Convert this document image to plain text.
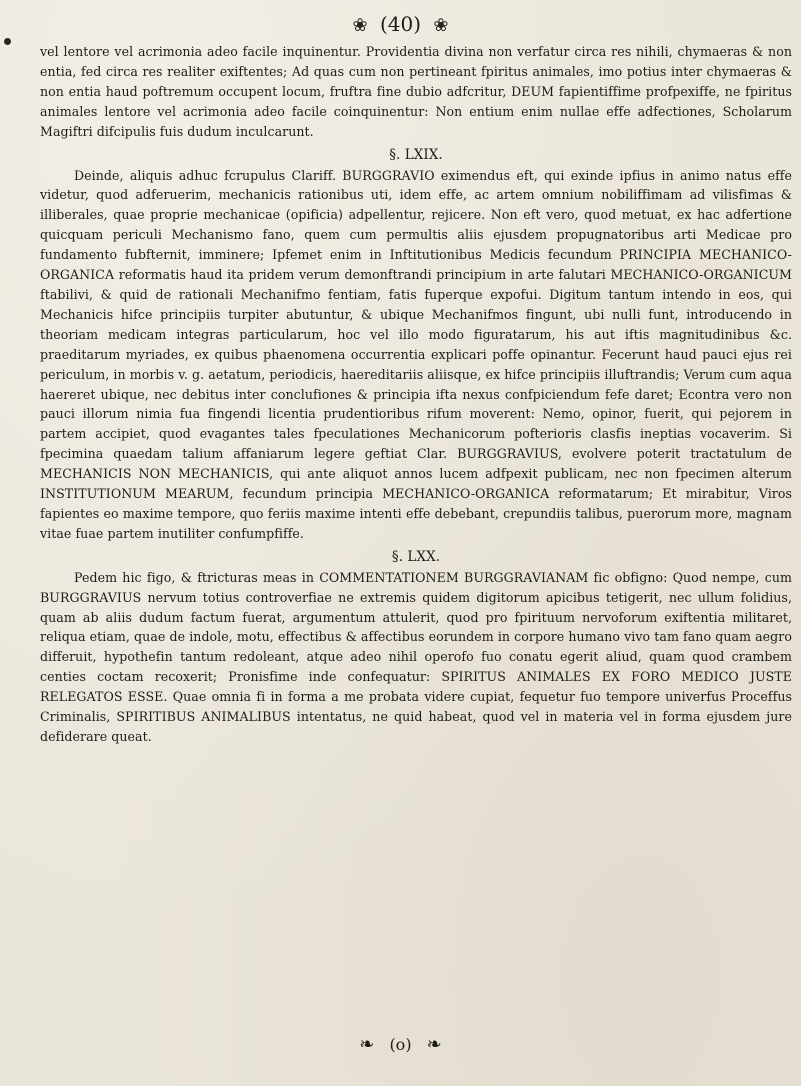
❀ (40) ❀

vel lentore vel acrimonia adeo facile inquinentur. Providentia divina non verfatur circa res nihili, chymaeras & non entia, fed circa res realiter exiftentes; Ad quas cum non pertineant fpiritus animales, imo potius inter chymaeras & non entia haud poftremum occupent locum, fruftra fine dubio adfcritur, DEUM fapientiffime profpexiffe, ne fpiritus animales lentore vel acrimonia adeo facile coinquinentur: Non entium enim nullae effe adfectiones, Scholarum Magiftri difcipulis fuis dudum inculcarunt.

§. LXIX.

Deinde, aliquis adhuc fcrupulus Clariff. BURGGRAVIO eximendus eft, qui exinde ipfius in animo natus effe videtur, quod adferuerim, mechanicis rationibus uti, idem effe, ac artem omnium nobiliffimam ad vilisfimas & illiberales, quae proprie mechanicae (opificia) adpellentur, rejicere. Non eft vero, quod metuat, ex hac adfertione quicquam periculi Mechanismo fano, quem cum permultis aliis ejusdem propugnatoribus arti Medicae pro fundamento fubfternit, imminere; Ipfemet enim in Inftitutionibus Medicis fecundum PRINCIPIA MECHANICO-ORGANICA reformatis haud ita pridem verum demonftrandi principium in arte falutari MECHANICO-ORGANICUM ftabilivi, & quid de rationali Mechanifmo fentiam, fatis fuperque expofui. Digitum tantum intendo in eos, qui Mechanicis hifce principiis turpiter abutuntur, & ubique Mechanifmos fingunt, ubi nulli funt, introducendo in theoriam medicam integras particularum, hoc vel illo modo figuratarum, his aut iftis magnitudinibus &c. praeditarum myriades, ex quibus phaenomena occurrentia explicari poffe opinantur. Fecerunt haud pauci ejus rei periculum, in morbis v. g. aetatum, periodicis, haereditariis aliisque, ex hifce principiis illuftrandis; Verum cum aqua haereret ubique, nec debitus inter conclufiones & principia ifta nexus confpiciendum fefe daret; Econtra vero non pauci illorum nimia fua fingendi licentia prudentioribus rifum moverent: Nemo, opinor, fuerit, qui pejorem in partem accipiet, quod evagantes tales fpeculationes Mechanicorum pofterioris clasfis ineptias vocaverim. Si fpecimina quaedam talium affaniarum legere geftiat Clar. BURGGRAVIUS, evolvere poterit tractatulum de MECHANICIS NON MECHANICIS, qui ante aliquot annos lucem adfpexit publicam, nec non fpecimen alterum INSTITUTIONUM MEARUM, fecundum principia MECHANICO-ORGANICA reformatarum; Et mirabitur, Viros fapientes eo maxime tempore, quo feriis maxime intenti effe debebant, crepundiis talibus, puerorum more, magnam vitae fuae partem inutiliter confumpfiffe.

§. LXX.

Pedem hic figo, & ftricturas meas in COMMENTATIONEM BURGGRAVIANAM fic obfigno: Quod nempe, cum BURGGRAVIUS nervum totius controverfiae ne extremis quidem digitorum apicibus tetigerit, nec ullum folidius, quam ab aliis dudum factum fuerat, argumentum attulerit, quod pro fpirituum nervoforum exiftentia militaret, reliqua etiam, quae de indole, motu, effectibus & affectibus eorundem in corpore humano vivo tam fano quam aegro differuit, hypothefin tantum redoleant, atque adeo nihil operofo fuo conatu egerit aliud, quam quod crambem centies coctam recoxerit; Pronisfime inde confequatur: SPIRITUS ANIMALES EX FORO MEDICO JUSTE RELEGATOS ESSE. Quae omnia fi in forma a me probata videre cupiat, fequetur fuo tempore univerfus Proceffus Criminalis, SPIRITIBUS ANIMALIBUS intentatus, ne quid habeat, quod vel in materia vel in forma ejusdem jure defiderare queat.

❧ (o) ❧
